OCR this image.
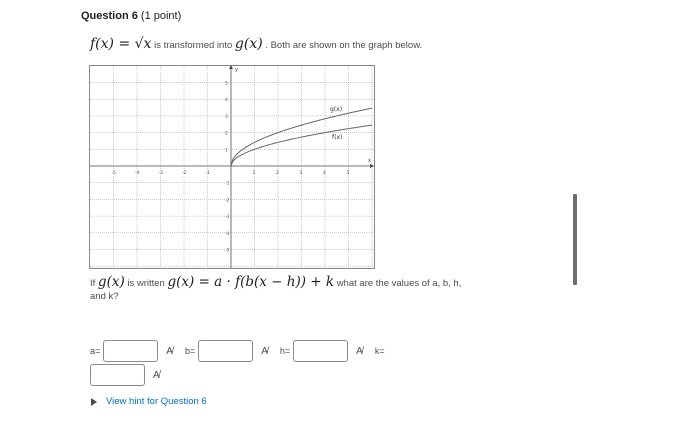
Question 6 (1 point)
f(x) = √x is transformed into g(x) . Both are shown on the graph below.
-5	-4	-3	-2	-1	1	2	3	4	5
5
4
3
2
1
-1
-2
-3
-4
-5
g(x)
f(x)
y
x
If g(x) is written g(x) = a · f(b(x − h)) + k what are the values of a, b, h, and k?
a=	A̸ b=	A̸ h=	A̸ k=
A̸
View hint for Question 6
